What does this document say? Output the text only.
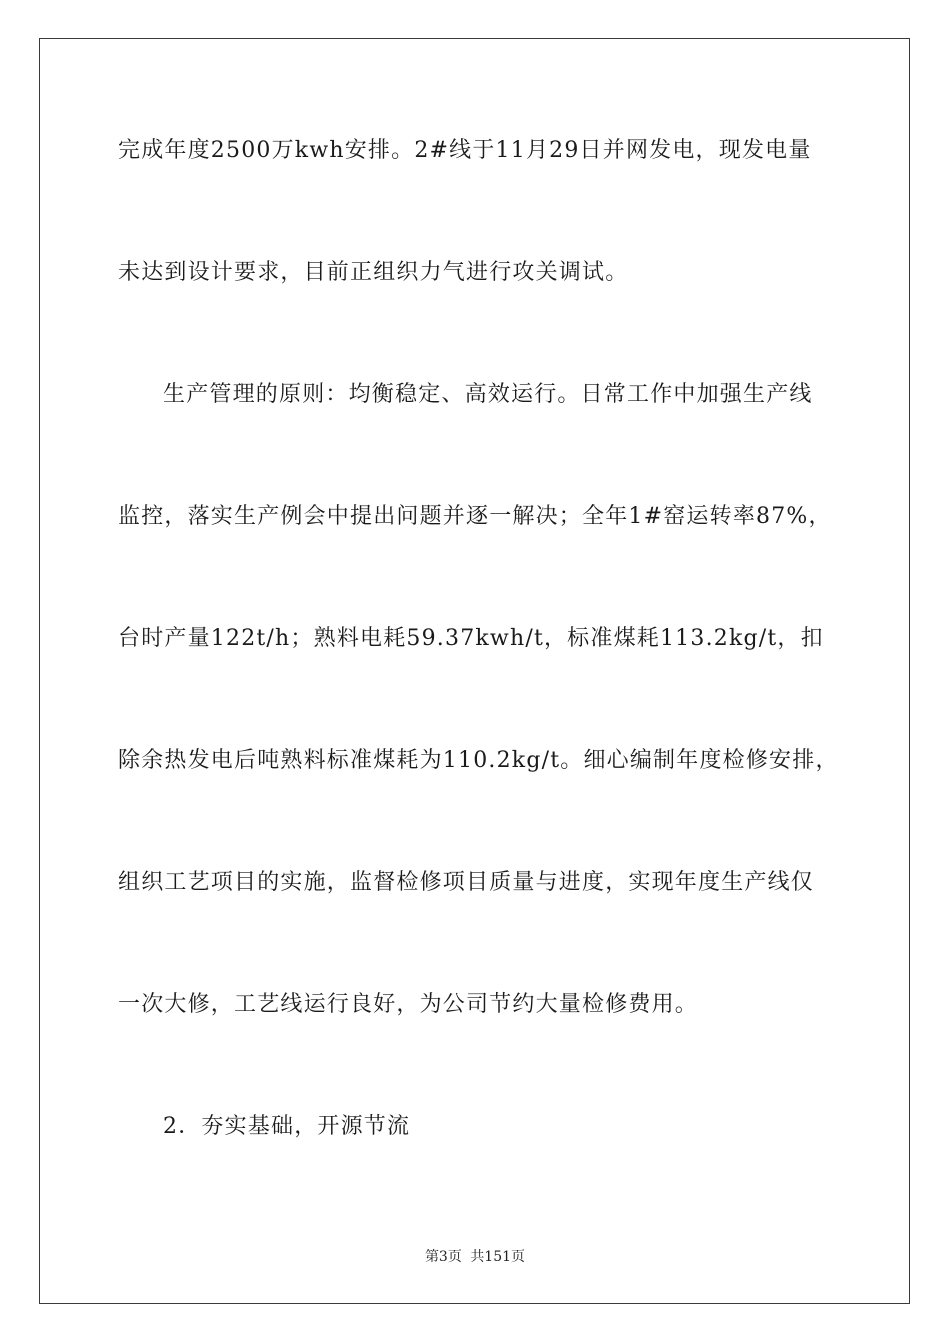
完成年度2500万kwh安排。2#线于11月29日并网发电，现发电量
未达到设计要求，目前正组织力气进行攻关调试。
生产管理的原则：均衡稳定、高效运行。日常工作中加强生产线
监控，落实生产例会中提出问题并逐一解决；全年1#窑运转率87%，
台时产量122t/h；熟料电耗59.37kwh/t，标准煤耗113.2kg/t，扣
除余热发电后吨熟料标准煤耗为110.2kg/t。细心编制年度检修安排，
组织工艺项目的实施，监督检修项目质量与进度，实现年度生产线仅
一次大修，工艺线运行良好，为公司节约大量检修费用。
2．夯实基础，开源节流
第3页 共151页
